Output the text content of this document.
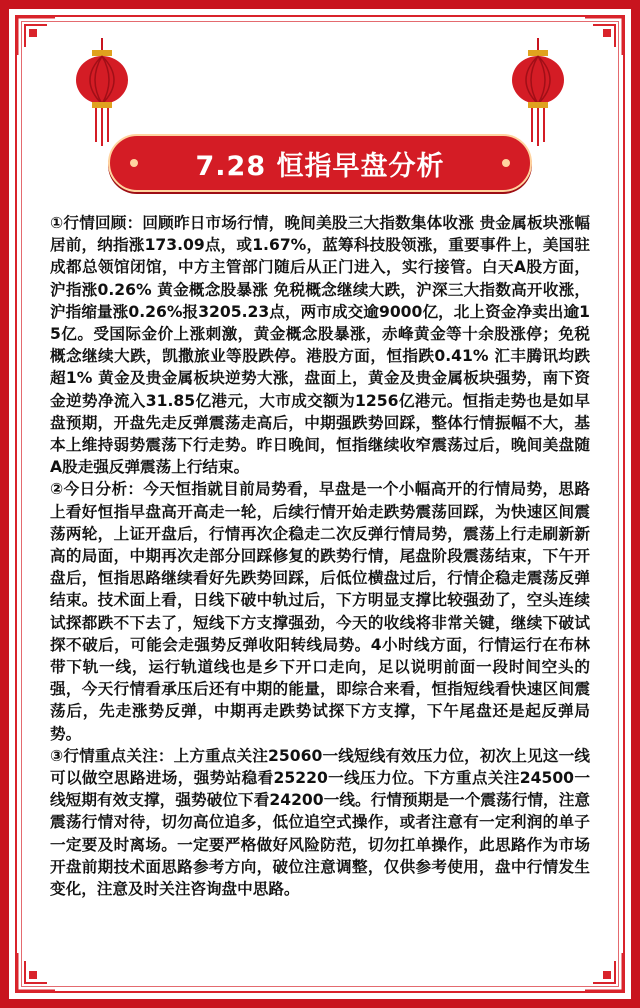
7.28 恒指早盘分析

①行情回顾：回顾昨日市场行情，晚间美股三大指数集体收涨 贵金属板块涨幅居前，纳指涨173.09点，或1.67%，蓝筹科技股领涨，重要事件上，美国驻成都总领馆闭馆，中方主管部门随后从正门进入，实行接管。白天A股方面，沪指涨0.26% 黄金概念股暴涨 免税概念继续大跌，沪深三大指数高开收涨，沪指缩量涨0.26%报3205.23点，两市成交逾9000亿，北上资金净卖出逾15亿。受国际金价上涨刺激，黄金概念股暴涨，赤峰黄金等十余股涨停；免税概念继续大跌，凯撒旅业等股跌停。港股方面，恒指跌0.41% 汇丰腾讯均跌超1% 黄金及贵金属板块逆势大涨，盘面上，黄金及贵金属板块强势，南下资金逆势净流入31.85亿港元，大市成交额为1256亿港元。恒指走势也是如早盘预期，开盘先走反弹震荡走高后，中期强跌势回踩，整体行情振幅不大，基本上维持弱势震荡下行走势。昨日晚间，恒指继续收窄震荡过后，晚间美盘随A股走强反弹震荡上行结束。

②今日分析：今天恒指就目前局势看，早盘是一个小幅高开的行情局势，思路上看好恒指早盘高开高走一轮，后续行情开始走跌势震荡回踩，为快速区间震荡两轮，上证开盘后，行情再次企稳走二次反弹行情局势，震荡上行走刷新新高的局面，中期再次走部分回踩修复的跌势行情，尾盘阶段震荡结束，下午开盘后，恒指思路继续看好先跌势回踩，后低位横盘过后，行情企稳走震荡反弹结束。技术面上看，日线下破中轨过后，下方明显支撑比较强劲了，空头连续试探都跌不下去了，短线下方支撑强劲，今天的收线将非常关键，继续下破试探不破后，可能会走强势反弹收阳转线局势。4小时线方面，行情运行在布林带下轨一线，运行轨道线也是乡下开口走向，足以说明前面一段时间空头的强，今天行情看承压后还有中期的能量，即综合来看，恒指短线看快速区间震荡后，先走涨势反弹，中期再走跌势试探下方支撑，下午尾盘还是起反弹局势。

③行情重点关注：上方重点关注25060一线短线有效压力位，初次上见这一线可以做空思路进场，强势站稳看25220一线压力位。下方重点关注24500一线短期有效支撑，强势破位下看24200一线。行情预期是一个震荡行情，注意震荡行情对待，切勿高位追多，低位追空式操作，或者注意有一定利润的单子一定要及时离场。一定要严格做好风险防范，切勿扛单操作，此思路作为市场开盘前期技术面思路参考方向，破位注意调整，仅供参考使用，盘中行情发生变化，注意及时关注咨询盘中思路。
